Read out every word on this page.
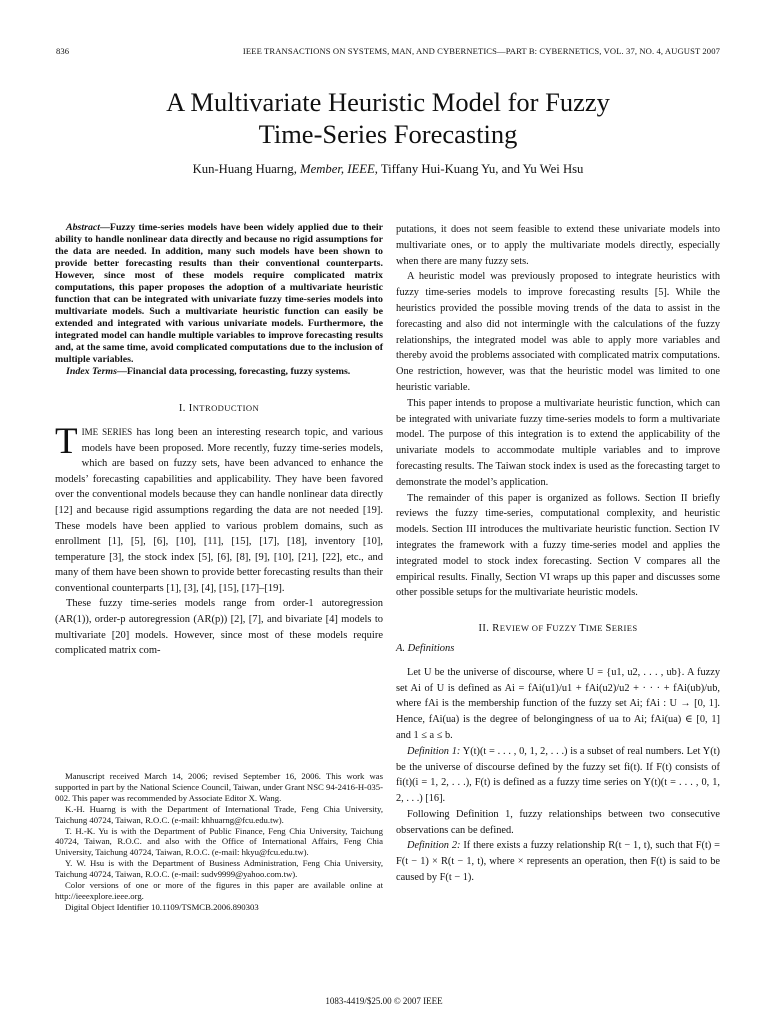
836	IEEE TRANSACTIONS ON SYSTEMS, MAN, AND CYBERNETICS—PART B: CYBERNETICS, VOL. 37, NO. 4, AUGUST 2007
A Multivariate Heuristic Model for Fuzzy
Time-Series Forecasting
Kun-Huang Huarng, Member, IEEE, Tiffany Hui-Kuang Yu, and Yu Wei Hsu

Abstract—Fuzzy time-series models have been widely applied due to their ability to handle nonlinear data directly and because no rigid assumptions for the data are needed. In addition, many such models have been shown to provide better forecasting results than their conventional counterparts. However, since most of these models require complicated matrix computations, this paper proposes the adoption of a multivariate heuristic function that can be integrated with univariate fuzzy time-series models into multivariate models. Such a multivariate heuristic function can easily be extended and integrated with various univariate models. Furthermore, the integrated model can handle multiple variables to improve forecasting results and, at the same time, avoid complicated computations due to the inclusion of multiple variables.

Index Terms—Financial data processing, forecasting, fuzzy systems.

I. INTRODUCTION

TIME SERIES has long been an interesting research topic, and various models have been proposed. More recently, fuzzy time-series models, which are based on fuzzy sets, have been advanced to enhance the models’ forecasting capabilities and applicability. They have been favored over the conventional models because they can handle nonlinear data directly [12] and because rigid assumptions regarding the data are not needed [19]. These models have been applied to various problem domains, such as enrollment [1], [5], [6], [10], [11], [15], [17], [18], inventory [10], temperature [3], the stock index [5], [6], [8], [9], [10], [21], [22], etc., and many of them have been shown to provide better forecasting results than their conventional counterparts [1], [3], [4], [15], [17]–[19].

These fuzzy time-series models range from order-1 autoregression (AR(1)), order-p autoregression (AR(p)) [2], [7], and bivariate [4] models to multivariate [20] models. However, since most of these models require complicated matrix com-

Manuscript received March 14, 2006; revised September 16, 2006. This work was supported in part by the National Science Council, Taiwan, under Grant NSC 94-2416-H-035-002. This paper was recommended by Associate Editor X. Wang.

K.-H. Huarng is with the Department of International Trade, Feng Chia University, Taichung 40724, Taiwan, R.O.C. (e-mail: khhuarng@fcu.edu.tw).

T. H.-K. Yu is with the Department of Public Finance, Feng Chia University, Taichung 40724, Taiwan, R.O.C. and also with the Office of International Affairs, Feng Chia University, Taichung 40724, Taiwan, R.O.C. (e-mail: hkyu@fcu.edu.tw).

Y. W. Hsu is with the Department of Business Administration, Feng Chia University, Taichung 40724, Taiwan, R.O.C. (e-mail: sudv9999@yahoo.com.tw).

Color versions of one or more of the figures in this paper are available online at http://ieeexplore.ieee.org.

Digital Object Identifier 10.1109/TSMCB.2006.890303

putations, it does not seem feasible to extend these univariate models into multivariate ones, or to apply the multivariate models directly, especially when there are many fuzzy sets.

A heuristic model was previously proposed to integrate heuristics with fuzzy time-series models to improve forecasting results [5]. While the heuristics provided the possible moving trends of the data to assist in the forecasting and also did not intermingle with the calculations of the fuzzy relationships, the integrated model was able to apply more variables and thereby avoid the problems associated with complicated matrix computations. One restriction, however, was that the heuristic model was limited to one heuristic variable.

This paper intends to propose a multivariate heuristic function, which can be integrated with univariate fuzzy time-series models to form a multivariate model. The purpose of this integration is to extend the applicability of the univariate models to accommodate multiple variables and to improve forecasting results. The Taiwan stock index is used as the forecasting target to demonstrate the model’s application.

The remainder of this paper is organized as follows. Section II briefly reviews the fuzzy time-series, computational complexity, and heuristic models. Section III introduces the multivariate heuristic function. Section IV integrates the framework with a fuzzy time-series model and applies the integrated model to stock index forecasting. Section V compares all the empirical results. Finally, Section VI wraps up this paper and discusses some other possible setups for the multivariate heuristic models.

II. REVIEW OF FUZZY TIME SERIES
A. Definitions

Let U be the universe of discourse, where U = {u1, u2, . . . , ub}. A fuzzy set Ai of U is defined as Ai = fAi(u1)/u1 + fAi(u2)/u2 + · · · + fAi(ub)/ub, where fAi is the membership function of the fuzzy set Ai; fAi : U → [0, 1]. Hence, fAi(ua) is the degree of belongingness of ua to Ai; fAi(ua) ∈ [0, 1] and 1 ≤ a ≤ b.

Definition 1: Y(t)(t = . . . , 0, 1, 2, . . .) is a subset of real numbers. Let Y(t) be the universe of discourse defined by the fuzzy set fi(t). If F(t) consists of fi(t)(i = 1, 2, . . .), F(t) is defined as a fuzzy time series on Y(t)(t = . . . , 0, 1, 2, . . .) [16].

Following Definition 1, fuzzy relationships between two consecutive observations can be defined.

Definition 2: If there exists a fuzzy relationship R(t − 1, t), such that F(t) = F(t − 1) × R(t − 1, t), where × represents an operation, then F(t) is said to be caused by F(t − 1).

1083-4419/$25.00 © 2007 IEEE
